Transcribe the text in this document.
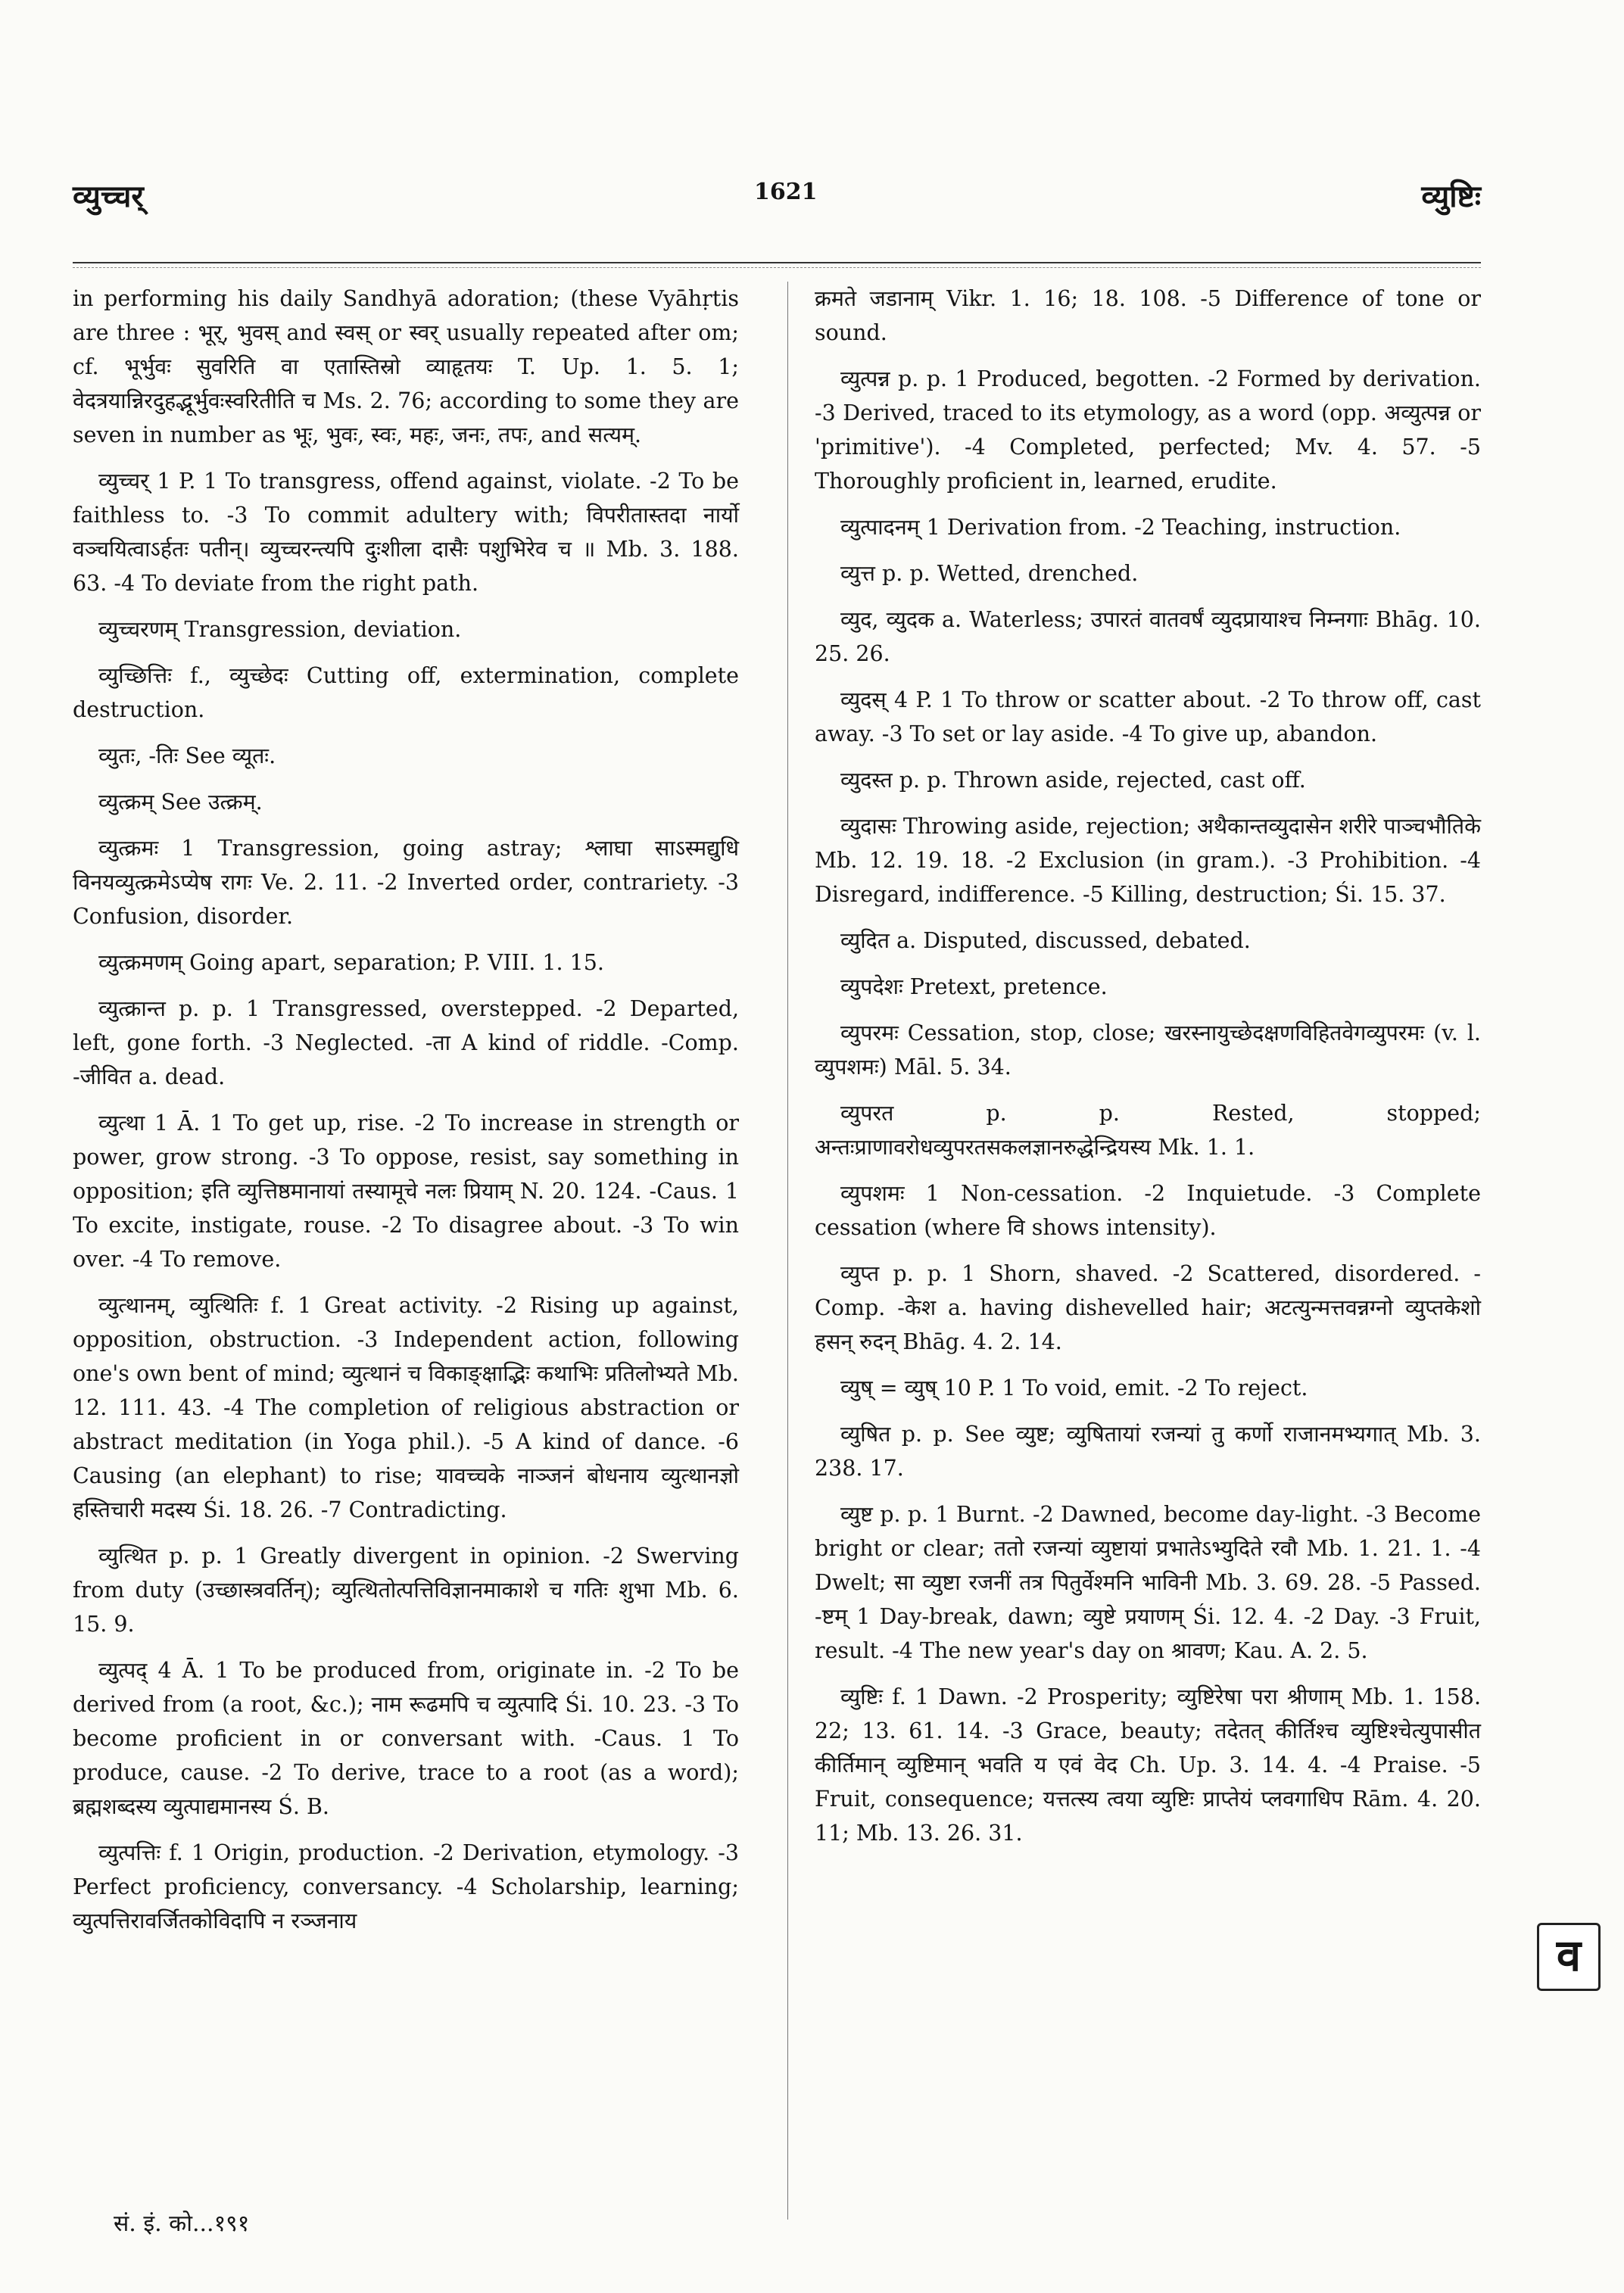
व्युच्चर्	1621	व्युष्टिः

in performing his daily Sandhyā adoration; (these Vyāhṛtis are three : भूर्, भुवस् and स्वस् or स्वर् usually repeated after om; cf. भूर्भुवः सुवरिति वा एतास्तिस्रो व्याहृतयः T. Up. 1. 5. 1; वेदत्रयान्निरदुहद्भूर्भुवःस्वरितीति च Ms. 2. 76; according to some they are seven in number as भूः, भुवः, स्वः, महः, जनः, तपः, and सत्यम्.

व्युच्चर् 1 P. 1 To transgress, offend against, violate. -2 To be faithless to. -3 To commit adultery with; विपरीतास्तदा नार्यो वञ्चयित्वाऽर्हतः पतीन्। व्युच्चरन्त्यपि दुःशीला दासैः पशुभिरेव च ॥ Mb. 3. 188. 63. -4 To deviate from the right path.

व्युच्चरणम् Transgression, deviation.

व्युच्छित्तिः f., व्युच्छेदः Cutting off, extermination, complete destruction.

व्युतः, -तिः See व्यूतः.

व्युत्क्रम् See उत्क्रम्.

व्युत्क्रमः 1 Transgression, going astray; श्लाघा साऽस्मद्युधि विनयव्युत्क्रमेऽप्येष रागः Ve. 2. 11. -2 Inverted order, contrariety. -3 Confusion, disorder.

व्युत्क्रमणम् Going apart, separation; P. VIII. 1. 15.

व्युत्क्रान्त p. p. 1 Transgressed, overstepped. -2 Departed, left, gone forth. -3 Neglected. -ता A kind of riddle. -Comp. -जीवित a. dead.

व्युत्था 1 Ā. 1 To get up, rise. -2 To increase in strength or power, grow strong. -3 To oppose, resist, say something in opposition; इति व्युत्तिष्ठमानायां तस्यामूचे नलः प्रियाम् N. 20. 124. -Caus. 1 To excite, instigate, rouse. -2 To disagree about. -3 To win over. -4 To remove.

व्युत्थानम्, व्युत्थितिः f. 1 Great activity. -2 Rising up against, opposition, obstruction. -3 Independent action, following one's own bent of mind; व्युत्थानं च विकाङ्क्षाद्भिः कथाभिः प्रतिलोभ्यते Mb. 12. 111. 43. -4 The completion of religious abstraction or abstract meditation (in Yoga phil.). -5 A kind of dance. -6 Causing (an elephant) to rise; यावच्चके नाञ्जनं बोधनाय व्युत्थानज्ञो हस्तिचारी मदस्य Śi. 18. 26. -7 Contradicting.

व्युत्थित p. p. 1 Greatly divergent in opinion. -2 Swerving from duty (उच्छास्त्रवर्तिन्); व्युत्थितोत्पत्तिविज्ञानमाकाशे च गतिः शुभा Mb. 6. 15. 9.

व्युत्पद् 4 Ā. 1 To be produced from, originate in. -2 To be derived from (a root, &c.); नाम रूढमपि च व्युत्पादि Śi. 10. 23. -3 To become proficient in or conversant with. -Caus. 1 To produce, cause. -2 To derive, trace to a root (as a word); ब्रह्मशब्दस्य व्युत्पाद्यमानस्य Ś. B.

व्युत्पत्तिः f. 1 Origin, production. -2 Derivation, etymology. -3 Perfect proficiency, conversancy. -4 Scholarship, learning; व्युत्पत्तिरावर्जितकोविदापि न रञ्जनाय

क्रमते जडानाम् Vikr. 1. 16; 18. 108. -5 Difference of tone or sound.

व्युत्पन्न p. p. 1 Produced, begotten. -2 Formed by derivation. -3 Derived, traced to its etymology, as a word (opp. अव्युत्पन्न or 'primitive'). -4 Completed, perfected; Mv. 4. 57. -5 Thoroughly proficient in, learned, erudite.

व्युत्पादनम् 1 Derivation from. -2 Teaching, instruction.

व्युत्त p. p. Wetted, drenched.

व्युद, व्युदक a. Waterless; उपारतं वातवर्षं व्युदप्रायाश्च निम्नगाः Bhāg. 10. 25. 26.

व्युदस् 4 P. 1 To throw or scatter about. -2 To throw off, cast away. -3 To set or lay aside. -4 To give up, abandon.

व्युदस्त p. p. Thrown aside, rejected, cast off.

व्युदासः Throwing aside, rejection; अथैकान्तव्युदासेन शरीरे पाञ्चभौतिके Mb. 12. 19. 18. -2 Exclusion (in gram.). -3 Prohibition. -4 Disregard, indifference. -5 Killing, destruction; Śi. 15. 37.

व्युदित a. Disputed, discussed, debated.

व्युपदेशः Pretext, pretence.

व्युपरमः Cessation, stop, close; खरस्नायुच्छेदक्षणविहितवेगव्युपरमः (v. l. व्युपशमः) Māl. 5. 34.

व्युपरत p. p. Rested, stopped; अन्तःप्राणावरोधव्युपरतसकलज्ञानरुद्धेन्द्रियस्य Mk. 1. 1.

व्युपशमः 1 Non-cessation. -2 Inquietude. -3 Complete cessation (where वि shows intensity).

व्युप्त p. p. 1 Shorn, shaved. -2 Scattered, disordered. -Comp. -केश a. having dishevelled hair; अटत्युन्मत्तवन्नग्नो व्युप्तकेशो हसन् रुदन् Bhāg. 4. 2. 14.

व्युष् = व्युष् 10 P. 1 To void, emit. -2 To reject.

व्युषित p. p. See व्युष्ट; व्युषितायां रजन्यां तु कर्णो राजानमभ्यगात् Mb. 3. 238. 17.

व्युष्ट p. p. 1 Burnt. -2 Dawned, become day-light. -3 Become bright or clear; ततो रजन्यां व्युष्टायां प्रभातेऽभ्युदिते रवौ Mb. 1. 21. 1. -4 Dwelt; सा व्युष्टा रजनीं तत्र पितुर्वेश्मनि भाविनी Mb. 3. 69. 28. -5 Passed. -ष्टम् 1 Day-break, dawn; व्युष्टे प्रयाणम् Śi. 12. 4. -2 Day. -3 Fruit, result. -4 The new year's day on श्रावण; Kau. A. 2. 5.

व्युष्टिः f. 1 Dawn. -2 Prosperity; व्युष्टिरेषा परा श्रीणाम् Mb. 1. 158. 22; 13. 61. 14. -3 Grace, beauty; तदेतत् कीर्तिश्च व्युष्टिश्चेत्युपासीत कीर्तिमान् व्युष्टिमान् भवति य एवं वेद Ch. Up. 3. 14. 4. -4 Praise. -5 Fruit, consequence; यत्तत्स्य त्वया व्युष्टिः प्राप्तेयं प्लवगाधिप Rām. 4. 20. 11; Mb. 13. 26. 31.

व
सं. इं. को...१९१
